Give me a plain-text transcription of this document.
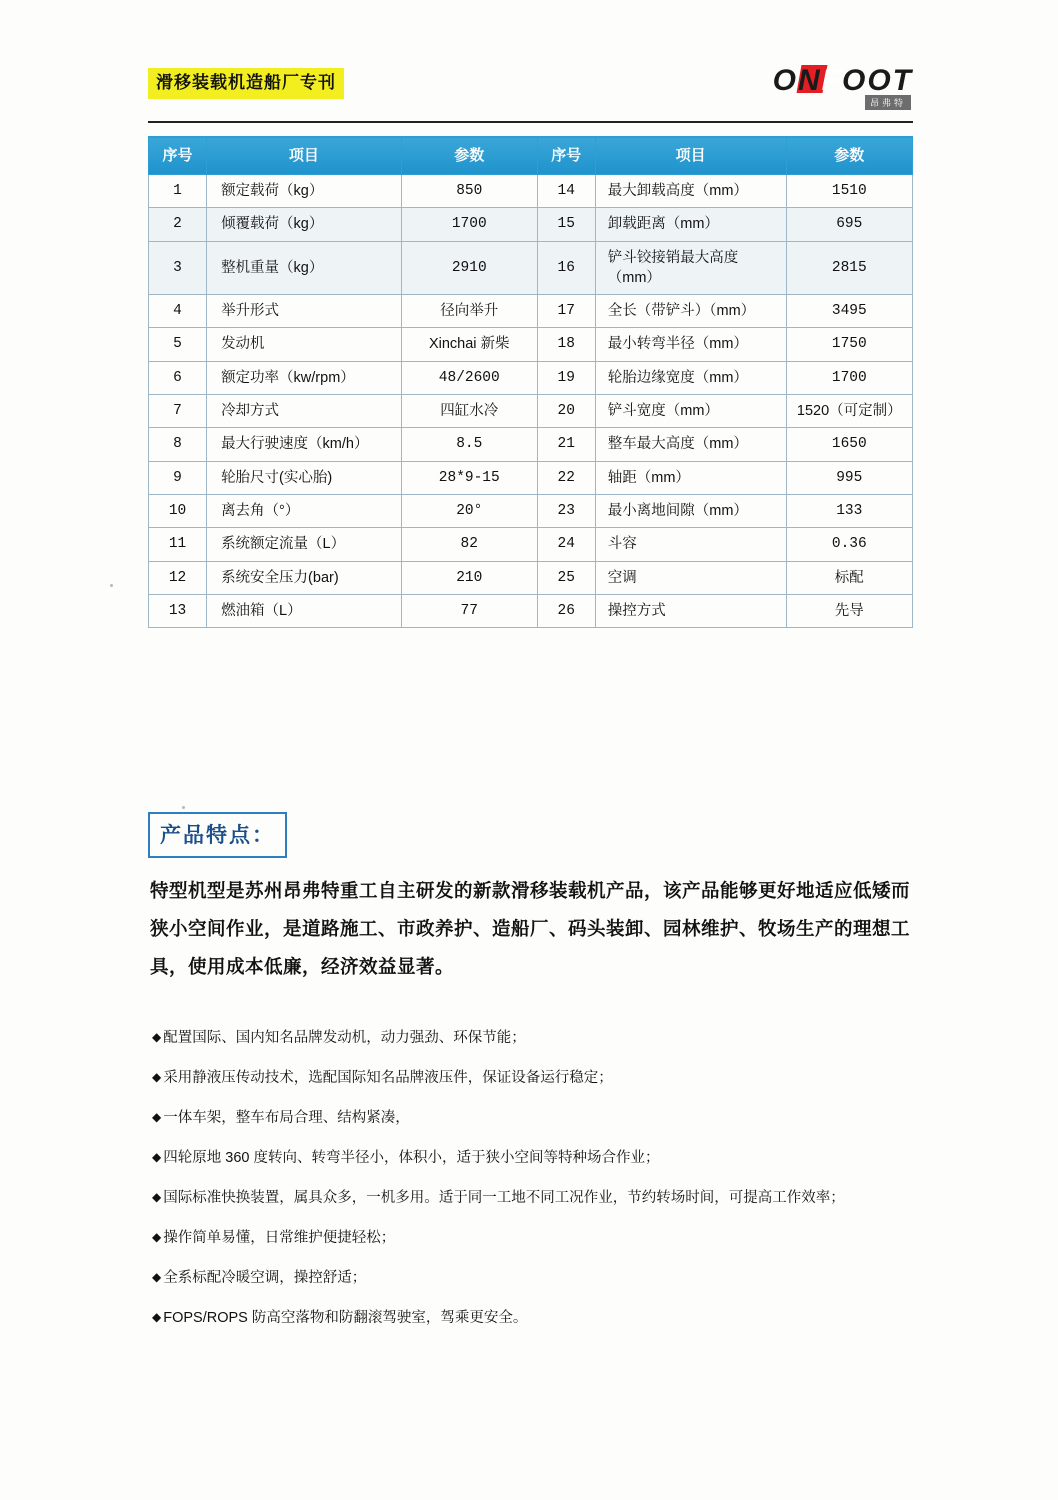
滑移装载机造船厂专刊	ONFOOT
昂弗特
序号	项目	参数	序号	项目	参数
1	额定载荷（kg）	850	14	最大卸载高度（mm）	1510
2	倾覆载荷（kg）	1700	15	卸载距离（mm）	695
3	整机重量（kg）	2910	16	铲斗铰接销最大高度（mm）	2815
4	举升形式	径向举升	17	全长（带铲斗）（mm）	3495
5	发动机	Xinchai 新柴	18	最小转弯半径（mm）	1750
6	额定功率（kw/rpm）	48/2600	19	轮胎边缘宽度（mm）	1700
7	冷却方式	四缸水冷	20	铲斗宽度（mm）	1520（可定制）
8	最大行驶速度（km/h）	8.5	21	整车最大高度（mm）	1650
9	轮胎尺寸(实心胎)	28*9-15	22	轴距（mm）	995
10	离去角（°）	20°	23	最小离地间隙（mm）	133
11	系统额定流量（L）	82	24	斗容	0.36
12	系统安全压力(bar)	210	25	空调	标配
13	燃油箱（L）	77	26	操控方式	先导
产品特点：
特型机型是苏州昂弗特重工自主研发的新款滑移装载机产品，该产品能够更好地适应低矮而狭小空间作业，是道路施工、市政养护、造船厂、码头装卸、园林维护、牧场生产的理想工具，使用成本低廉，经济效益显著。
◆ 配置国际、国内知名品牌发动机，动力强劲、环保节能；
◆ 采用静液压传动技术，选配国际知名品牌液压件，保证设备运行稳定；
◆ 一体车架，整车布局合理、结构紧凑，
◆ 四轮原地 360 度转向、转弯半径小，体积小，适于狭小空间等特种场合作业；
◆ 国际标准快换装置，属具众多，一机多用。适于同一工地不同工况作业，节约转场时间，可提高工作效率；
◆ 操作简单易懂，日常维护便捷轻松；
◆ 全系标配冷暖空调，操控舒适；
◆ FOPS/ROPS 防高空落物和防翻滚驾驶室，驾乘更安全。
